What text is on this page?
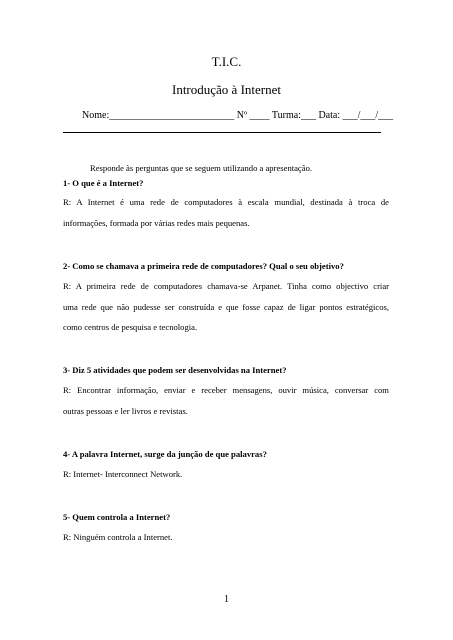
T.I.C.
Introdução à Internet
Nome:_________________________ Nº ____ Turma:___ Data: ___/___/___
Responde às perguntas que se seguem utilizando a apresentação.
1- O que é a Internet?
R: A Internet é uma rede de computadores à escala mundial, destinada à troca de
informações, formada por várias redes mais pequenas.
2- Como se chamava a primeira rede de computadores? Qual o seu objetivo?
R: A primeira rede de computadores chamava-se Arpanet. Tinha como objectivo criar
uma rede que não pudesse ser construída e que fosse capaz de ligar pontos estratégicos,
como centros de pesquisa e tecnologia.
3- Diz 5 atividades que podem ser desenvolvidas na Internet?
R: Encontrar informação, enviar e receber mensagens, ouvir música, conversar com
outras pessoas e ler livros e revistas.
4- A palavra Internet, surge da junção de que palavras?
R: Internet- Interconnect Network.
5- Quem controla a Internet?
R: Ninguém controla a Internet.
1
